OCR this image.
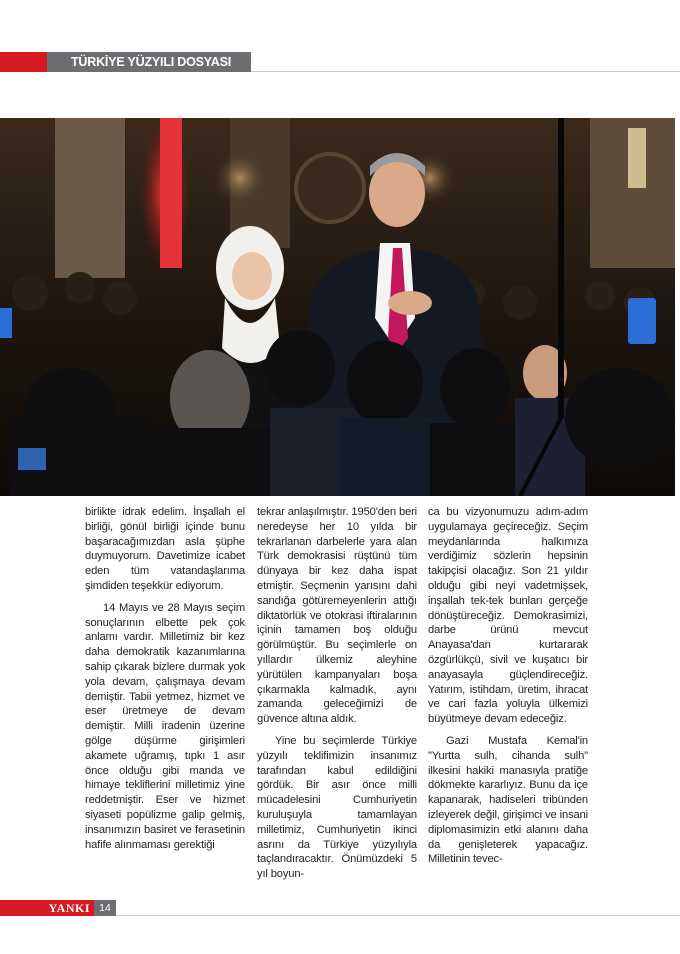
TÜRKİYE YÜZYILI DOSYASI

birlikte idrak edelim. İnşallah el birliği, gönül birliği içinde bunu başaracağımızdan asla şüphe duymuyorum. Davetimize icabet eden tüm vatandaşlarıma şimdiden teşekkür ediyorum.

14 Mayıs ve 28 Mayıs seçim sonuçlarının elbette pek çok anlamı vardır. Milletimiz bir kez daha demokratik kazanımlarına sahip çıkarak bizlere durmak yok yola devam, çalışmaya devam demiştir. Tabii yetmez, hizmet ve eser üretmeye de devam demiştir. Milli iradenin üzerine gölge düşürme girişimleri akamete uğramış, tıpkı 1 asır önce olduğu gibi manda ve himaye tekliflerini milletimiz yine reddetmiştir. Eser ve hizmet siyaseti popülizme galip gelmiş, insanımızın basiret ve ferasetinin hafife alınmaması gerektiği

tekrar anlaşılmıştır. 1950'den beri neredeyse her 10 yılda bir tekrarlanan darbelerle yara alan Türk demokrasisi rüştünü tüm dünyaya bir kez daha ispat etmiştir. Seçmenin yarısını dahi sandığa götüremeyenlerin attığı diktatörlük ve otokrasi iftiralarının içinin tamamen boş olduğu görülmüştür. Bu seçimlerle on yıllardır ülkemiz aleyhine yürütülen kampanyaları boşa çıkarmakla kalmadık, aynı zamanda geleceğimizi de güvence altına aldık.

Yine bu seçimlerde Türkiye yüzyılı teklifimizin insanımız tarafından kabul edildiğini gördük. Bir asır önce milli mücadelesini Cumhuriyetin kuruluşuyla tamamlayan milletimiz, Cumhuriyetin ikinci asrını da Türkiye yüzyılıyla taçlandıracaktır. Önümüzdeki 5 yıl boyun-

ca bu vizyonumuzu adım-adım uygulamaya geçireceğiz. Seçim meydanlarında halkımıza verdiğimiz sözlerin hepsinin takipçisi olacağız. Son 21 yıldır olduğu gibi neyi vadetmişsek, inşallah tek-tek bunları gerçeğe dönüştüreceğiz. Demokrasimizi, darbe ürünü mevcut Anayasa'dan kurtararak özgürlükçü, sivil ve kuşatıcı bir anayasayla güçlendireceğiz. Yatırım, istihdam, üretim, ihracat ve cari fazla yoluyla ülkemizi büyütmeye devam edeceğiz.

Gazi Mustafa Kemal'in "Yurtta sulh, cihanda sulh" ilkesini hakiki manasıyla pratiğe dökmekte kararlıyız. Bunu da içe kapanarak, hadiseleri tribünden izleyerek değil, girişimci ve insani diplomasimizin etki alanını daha da genişleterek yapacağız. Milletinin tevec-

YANKI 14
